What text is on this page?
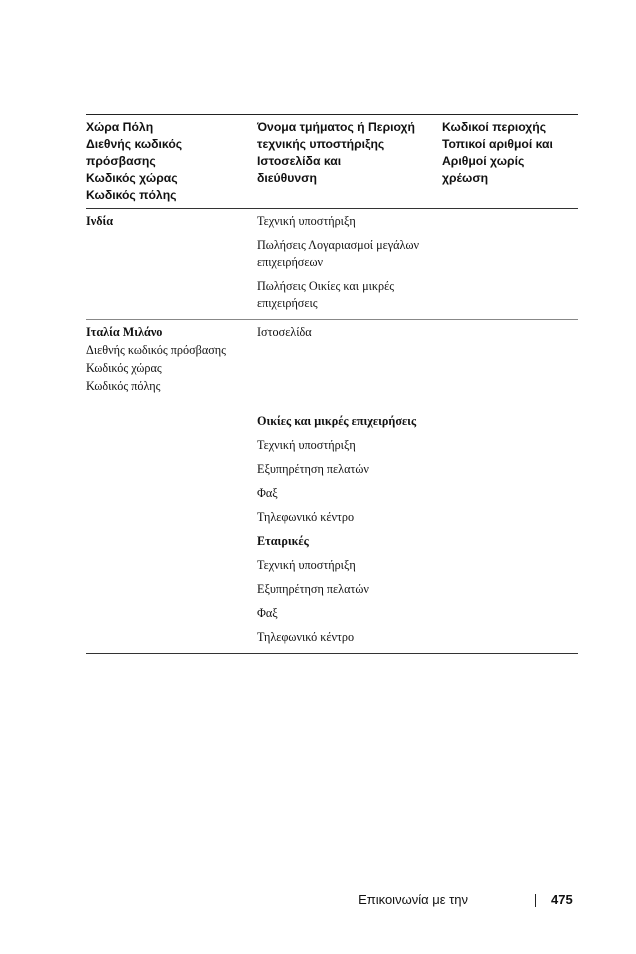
Χώρα Πόλη
Διεθνής κωδικός
πρόσβασης
Κωδικός χώρας
Κωδικός πόλης
Όνομα τμήματος ή Περιοχή
τεχνικής υποστήριξης
Ιστοσελίδα και
διεύθυνση
Κωδικοί περιοχής
Τοπικοί αριθμοί και
Αριθμοί χωρίς
χρέωση
Ινδία	Τεχνική υποστήριξη
Πωλήσεις Λογαριασμοί μεγάλων επιχειρήσεων
Πωλήσεις Οικίες και μικρές επιχειρήσεις
Ιταλία Μιλάνο
Διεθνής κωδικός πρόσβασης
Κωδικός χώρας
Κωδικός πόλης
Ιστοσελίδα
Οικίες και μικρές επιχειρήσεις
Τεχνική υποστήριξη
Εξυπηρέτηση πελατών
Φαξ
Τηλεφωνικό κέντρο
Εταιρικές
Τεχνική υποστήριξη
Εξυπηρέτηση πελατών
Φαξ
Τηλεφωνικό κέντρο
Επικοινωνία με την	475
